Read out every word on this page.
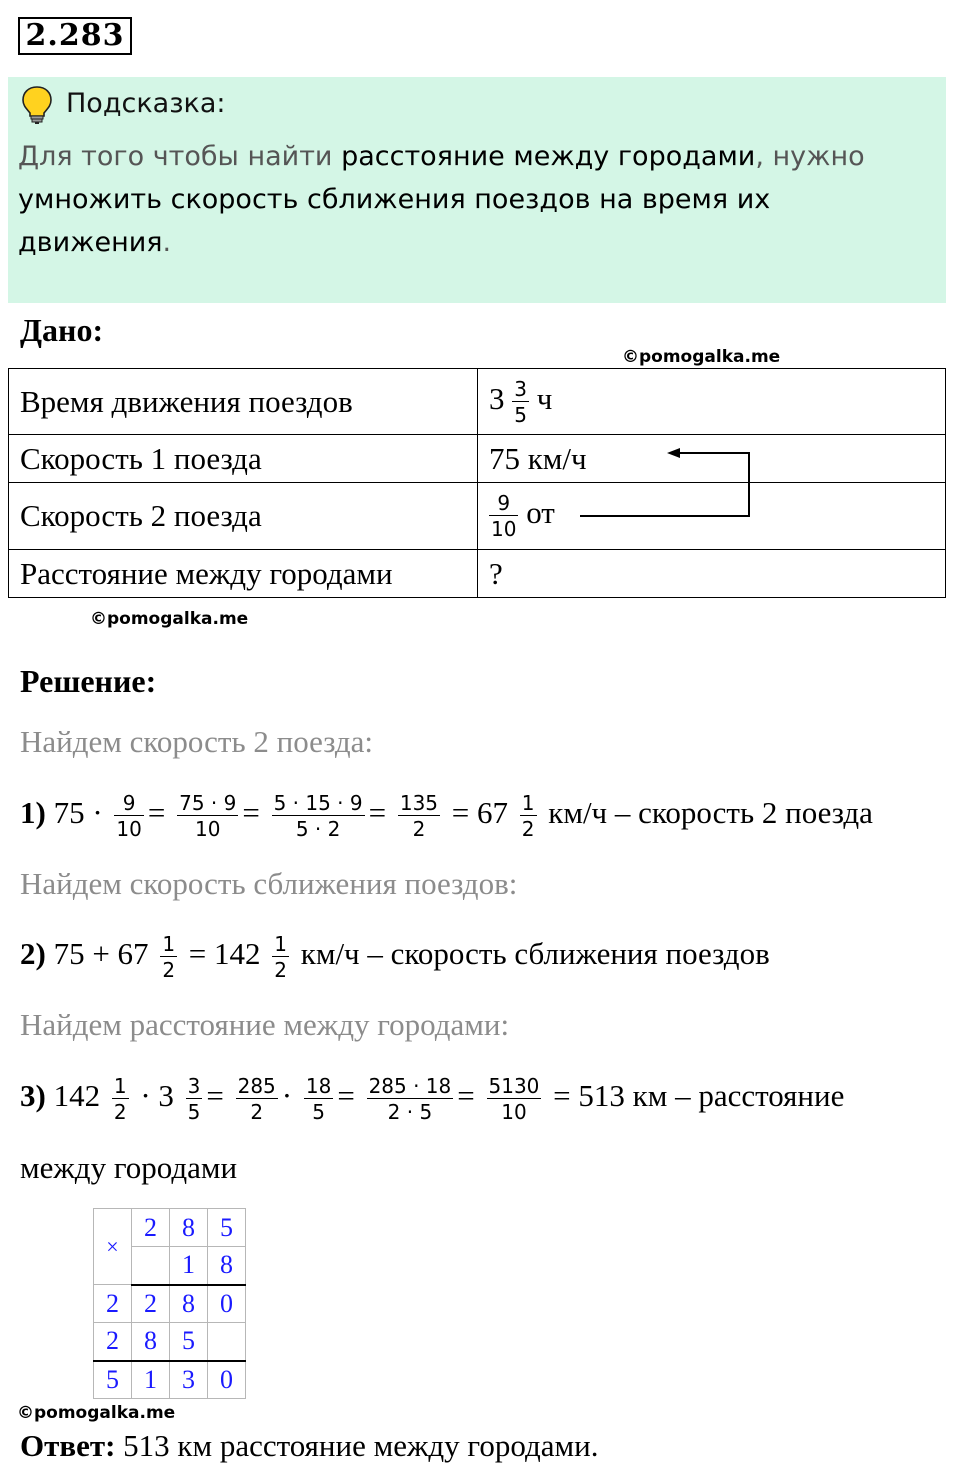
2.283
Подсказка:
Для того чтобы найти расстояние между городами, нужно умножить скорость сближения поездов на время их движения.
Дано:
©pomogalka.me
Время движения поездов	$3 \frac{3}{5}$ ч
Скорость 1 поезда	75 км/ч
Скорость 2 поезда	$\frac{9}{10}$ от
Расстояние между городами	?
©pomogalka.me
Решение:
Найдем скорость 2 поезда:
1) $75 \cdot \frac{9}{10} = \frac{75 \cdot 9}{10} = \frac{5 \cdot 15 \cdot 9}{5 \cdot 2} = \frac{135}{2} = 67 \frac{1}{2} км/ч$ – скорость 2 поезда
Найдем скорость сближения поездов:
2) $75 + 67 \frac{1}{2} = 142 \frac{1}{2} км/ч$ – скорость сближения поездов
Найдем расстояние между городами:
3) $142 \frac{1}{2} \cdot 3 \frac{3}{5} = \frac{285}{2} \cdot \frac{18}{5} = \frac{285 \cdot 18}{2 \cdot 5} = \frac{5130}{10} = 513$ км – расстояние
между городами
×	2	8	5
		1	8
2	2	8	0
2	8	5	
5	1	3	0
©pomogalka.me
Ответ: 513 км расстояние между городами.
